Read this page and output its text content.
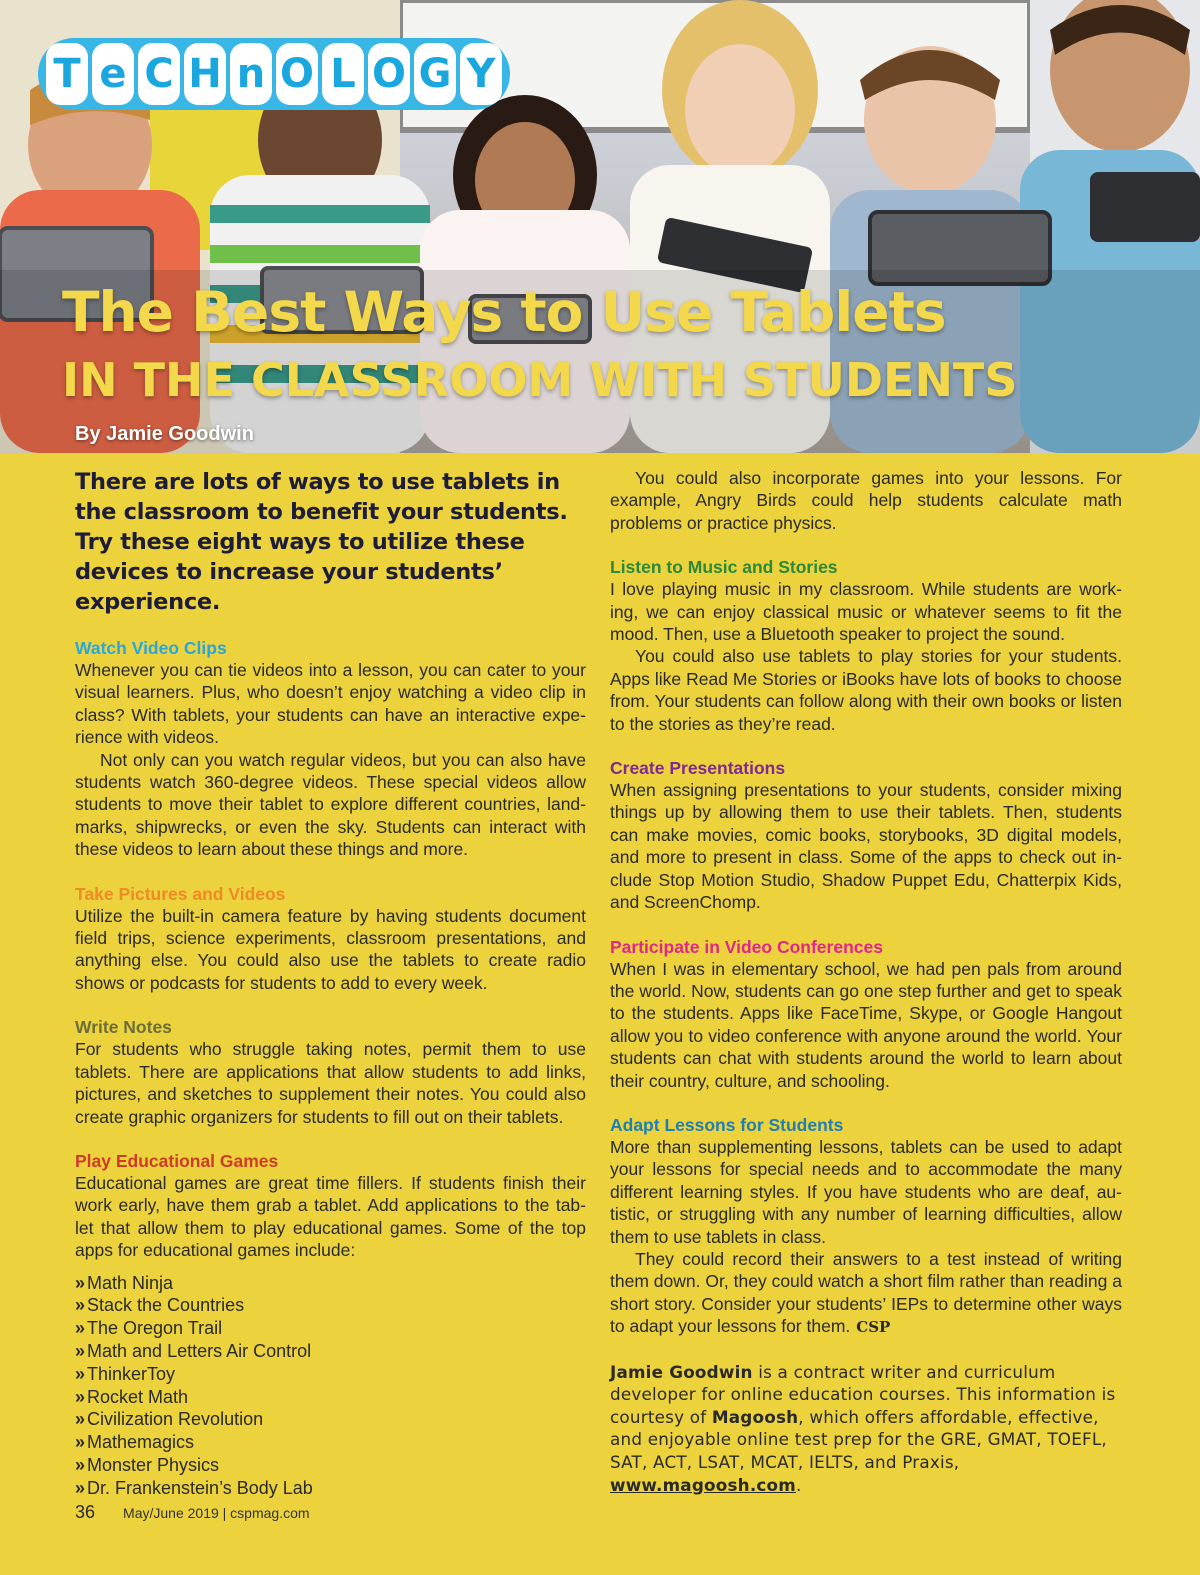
T e C H n O L O G Y
The Best Ways to Use Tablets
IN THE CLASSROOM WITH STUDENTS
By Jamie Goodwin

There are lots of ways to use tablets in the classroom to benefit your students. Try these eight ways to utilize these devices to increase your students’ experience.

Watch Video Clips

Whenever you can tie videos into a lesson, you can cater to your visual learners. Plus, who doesn’t enjoy watching a video clip in class? With tablets, your students can have an interactive expe-rience with videos.

Not only can you watch regular videos, but you can also have students watch 360-degree videos. These special videos allow students to move their tablet to explore different countries, land-marks, shipwrecks, or even the sky. Students can interact with these videos to learn about these things and more.

Take Pictures and Videos

Utilize the built-in camera feature by having students document field trips, science experiments, classroom presentations, and anything else. You could also use the tablets to create radio shows or podcasts for students to add to every week.

Write Notes

For students who struggle taking notes, permit them to use tablets. There are applications that allow students to add links, pictures, and sketches to supplement their notes. You could also create graphic organizers for students to fill out on their tablets.

Play Educational Games

Educational games are great time fillers. If students finish their work early, have them grab a tablet. Add applications to the tab-let that allow them to play educational games. Some of the top apps for educational games include:

» Math Ninja
» Stack the Countries
» The Oregon Trail
» Math and Letters Air Control
» ThinkerToy
» Rocket Math
» Civilization Revolution
» Mathemagics
» Monster Physics
» Dr. Frankenstein’s Body Lab

You could also incorporate games into your lessons. For example, Angry Birds could help students calculate math problems or practice physics.

Listen to Music and Stories

I love playing music in my classroom. While students are work-ing, we can enjoy classical music or whatever seems to fit the mood. Then, use a Bluetooth speaker to project the sound.

You could also use tablets to play stories for your students. Apps like Read Me Stories or iBooks have lots of books to choose from. Your students can follow along with their own books or listen to the stories as they’re read.

Create Presentations

When assigning presentations to your students, consider mixing things up by allowing them to use their tablets. Then, students can make movies, comic books, storybooks, 3D digital models, and more to present in class. Some of the apps to check out in-clude Stop Motion Studio, Shadow Puppet Edu, Chatterpix Kids, and ScreenChomp.

Participate in Video Conferences

When I was in elementary school, we had pen pals from around the world. Now, students can go one step further and get to speak to the students. Apps like FaceTime, Skype, or Google Hangout allow you to video conference with anyone around the world. Your students can chat with students around the world to learn about their country, culture, and schooling.

Adapt Lessons for Students

More than supplementing lessons, tablets can be used to adapt your lessons for special needs and to accommodate the many different learning styles. If you have students who are deaf, au-tistic, or struggling with any number of learning difficulties, allow them to use tablets in class.

They could record their answers to a test instead of writing them down. Or, they could watch a short film rather than reading a short story. Consider your students’ IEPs to determine other ways to adapt your lessons for them. CSP

Jamie Goodwin is a contract writer and curriculum developer for online education courses. This information is courtesy of Magoosh, which offers affordable, effective, and enjoyable online test prep for the GRE, GMAT, TOEFL, SAT, ACT, LSAT, MCAT, IELTS, and Praxis, www.magoosh.com.

36 May/June 2019 | cspmag.com
